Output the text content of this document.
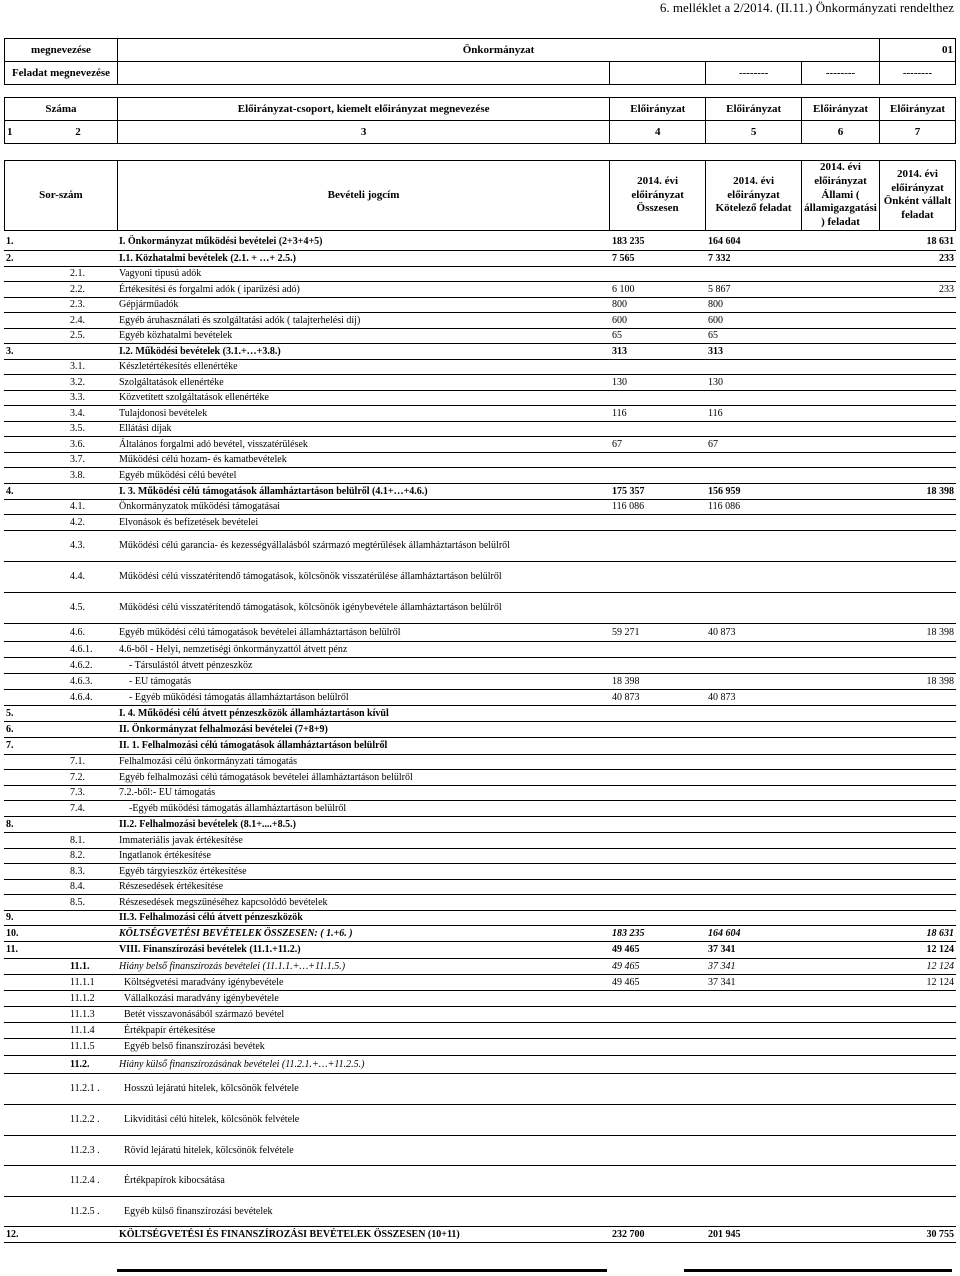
6. melléklet a 2/2014. (II.11.) Önkormányzati rendelthez
megnevezése	Önkormányzat				01
Feladat megnevezése			--------	--------	--------

Száma	Előirányzat-csoport, kiemelt előirányzat megnevezése	Előirányzat	Előirányzat	Előirányzat	Előirányzat
1 2	3	4	5	6	7
Sor-szám	Bevételi jogcím	2014. évi előirányzat Összesen	2014. évi előirányzat Kötelező feladat	2014. évi előirányzat Állami ( államigazgatási ) feladat	2014. évi előirányzat Önként vállalt feladat
1.		I. Önkormányzat működési bevételei (2+3+4+5)	183 235	164 604		18 631
2.		I.1. Közhatalmi bevételek (2.1. + …+ 2.5.)	7 565	7 332		233
	2.1.	Vagyoni tipusú adók				
	2.2.	Értékesítési és forgalmi adók ( iparűzési adó)	6 100	5 867		233
	2.3.	Gépjárműadók	800	800		
	2.4.	Egyéb áruhasználati és szolgáltatási adók ( talajterhelési díj)	600	600		
	2.5.	Egyéb közhatalmi bevételek	65	65		
3.		I.2. Működési bevételek (3.1.+…+3.8.)	313	313		
	3.1.	Készletértékesítés ellenértéke				
	3.2.	Szolgáltatások ellenértéke	130	130		
	3.3.	Közvetített szolgáltatások ellenértéke				
	3.4.	Tulajdonosi bevételek	116	116		
	3.5.	Ellátási díjak				
	3.6.	Általános forgalmi adó bevétel, visszatérülések	67	67		
	3.7.	Működési célú hozam- és kamatbevételek				
	3.8.	Egyéb működési célú bevétel				
4.		I. 3. Működési célú támogatások államháztartáson belülről (4.1+…+4.6.)	175 357	156 959		18 398
	4.1.	Önkormányzatok működési támogatásai	116 086	116 086		
	4.2.	Elvonások és befizetések bevételei				
	4.3.	Működési célú garancia- és kezességvállalásból származó megtérülések államháztartáson belülről				
	4.4.	Működési célú visszatérítendő támogatások, kölcsönök visszatérülése államháztartáson belülről				
	4.5.	Működési célú visszatérítendő támogatások, kölcsönök igénybevétele államháztartáson belülről				
	4.6.	Egyéb működési célú támogatások bevételei államháztartáson belülről	59 271	40 873		18 398
	4.6.1.	4.6-ből - Helyi, nemzetiségi önkormányzattól átvett pénz				
	4.6.2.	- Társulástól átvett pénzeszköz				
	4.6.3.	- EU támogatás	18 398			18 398
	4.6.4.	- Egyéb működési támogatás államháztartáson belülről	40 873	40 873		
5.		I. 4. Működési célú átvett pénzeszközök államháztartáson kívül				
6.		II. Önkormányzat felhalmozási bevételei (7+8+9)				
7.		II. 1. Felhalmozási célú támogatások államháztartáson belülről				
	7.1.	Felhalmozási célú önkormányzati támogatás				
	7.2.	Egyéb felhalmozási célú támogatások bevételei államháztartáson belülről				
	7.3.	7.2.-ből:- EU támogatás				
	7.4.	-Egyéb működési támogatás államháztartáson belülről				
8.		II.2. Felhalmozási bevételek (8.1+....+8.5.)				
	8.1.	Immateriális javak értékesítése				
	8.2.	Ingatlanok értékesítése				
	8.3.	Egyéb tárgyieszköz értékesítése				
	8.4.	Részesedések értékesítése				
	8.5.	Részesedések megszűnéséhez kapcsolódó bevételek				
9.		II.3. Felhalmozási célú átvett pénzeszközök				
10.		KÖLTSÉGVETÉSI BEVÉTELEK ÖSSZESEN: ( 1.+6. )	183 235	164 604		18 631
11.		VIII. Finanszírozási bevételek (11.1.+11.2.)	49 465	37 341		12 124
	11.1.	Hiány belső finanszírozás bevételei (11.1.1.+…+11.1.5.)	49 465	37 341		12 124
	11.1.1	Költségvetési maradvány igénybevétele	49 465	37 341		12 124
	11.1.2	Vállalkozási maradvány igénybevétele				
	11.1.3	Betét visszavonásából származó bevétel				
	11.1.4	Értékpapír értékesítése				
	11.1.5	Egyéb belső finanszírozási bevétek				
	11.2.	Hiány külső finanszírozásának bevételei (11.2.1.+…+11.2.5.)				
	11.2.1 .	Hosszú lejáratú hitelek, kölcsönök felvétele				
	11.2.2 .	Likviditási célú hitelek, kölcsönök felvétele				
	11.2.3 .	Rövid lejáratú hitelek, kölcsönök felvétele				
	11.2.4 .	Értékpapírok kibocsátása				
	11.2.5 .	Egyéb külső finanszírozási bevételek				
12.		KÖLTSÉGVETÉSI ÉS FINANSZÍROZÁSI BEVÉTELEK ÖSSZESEN (10+11)	232 700	201 945		30 755
